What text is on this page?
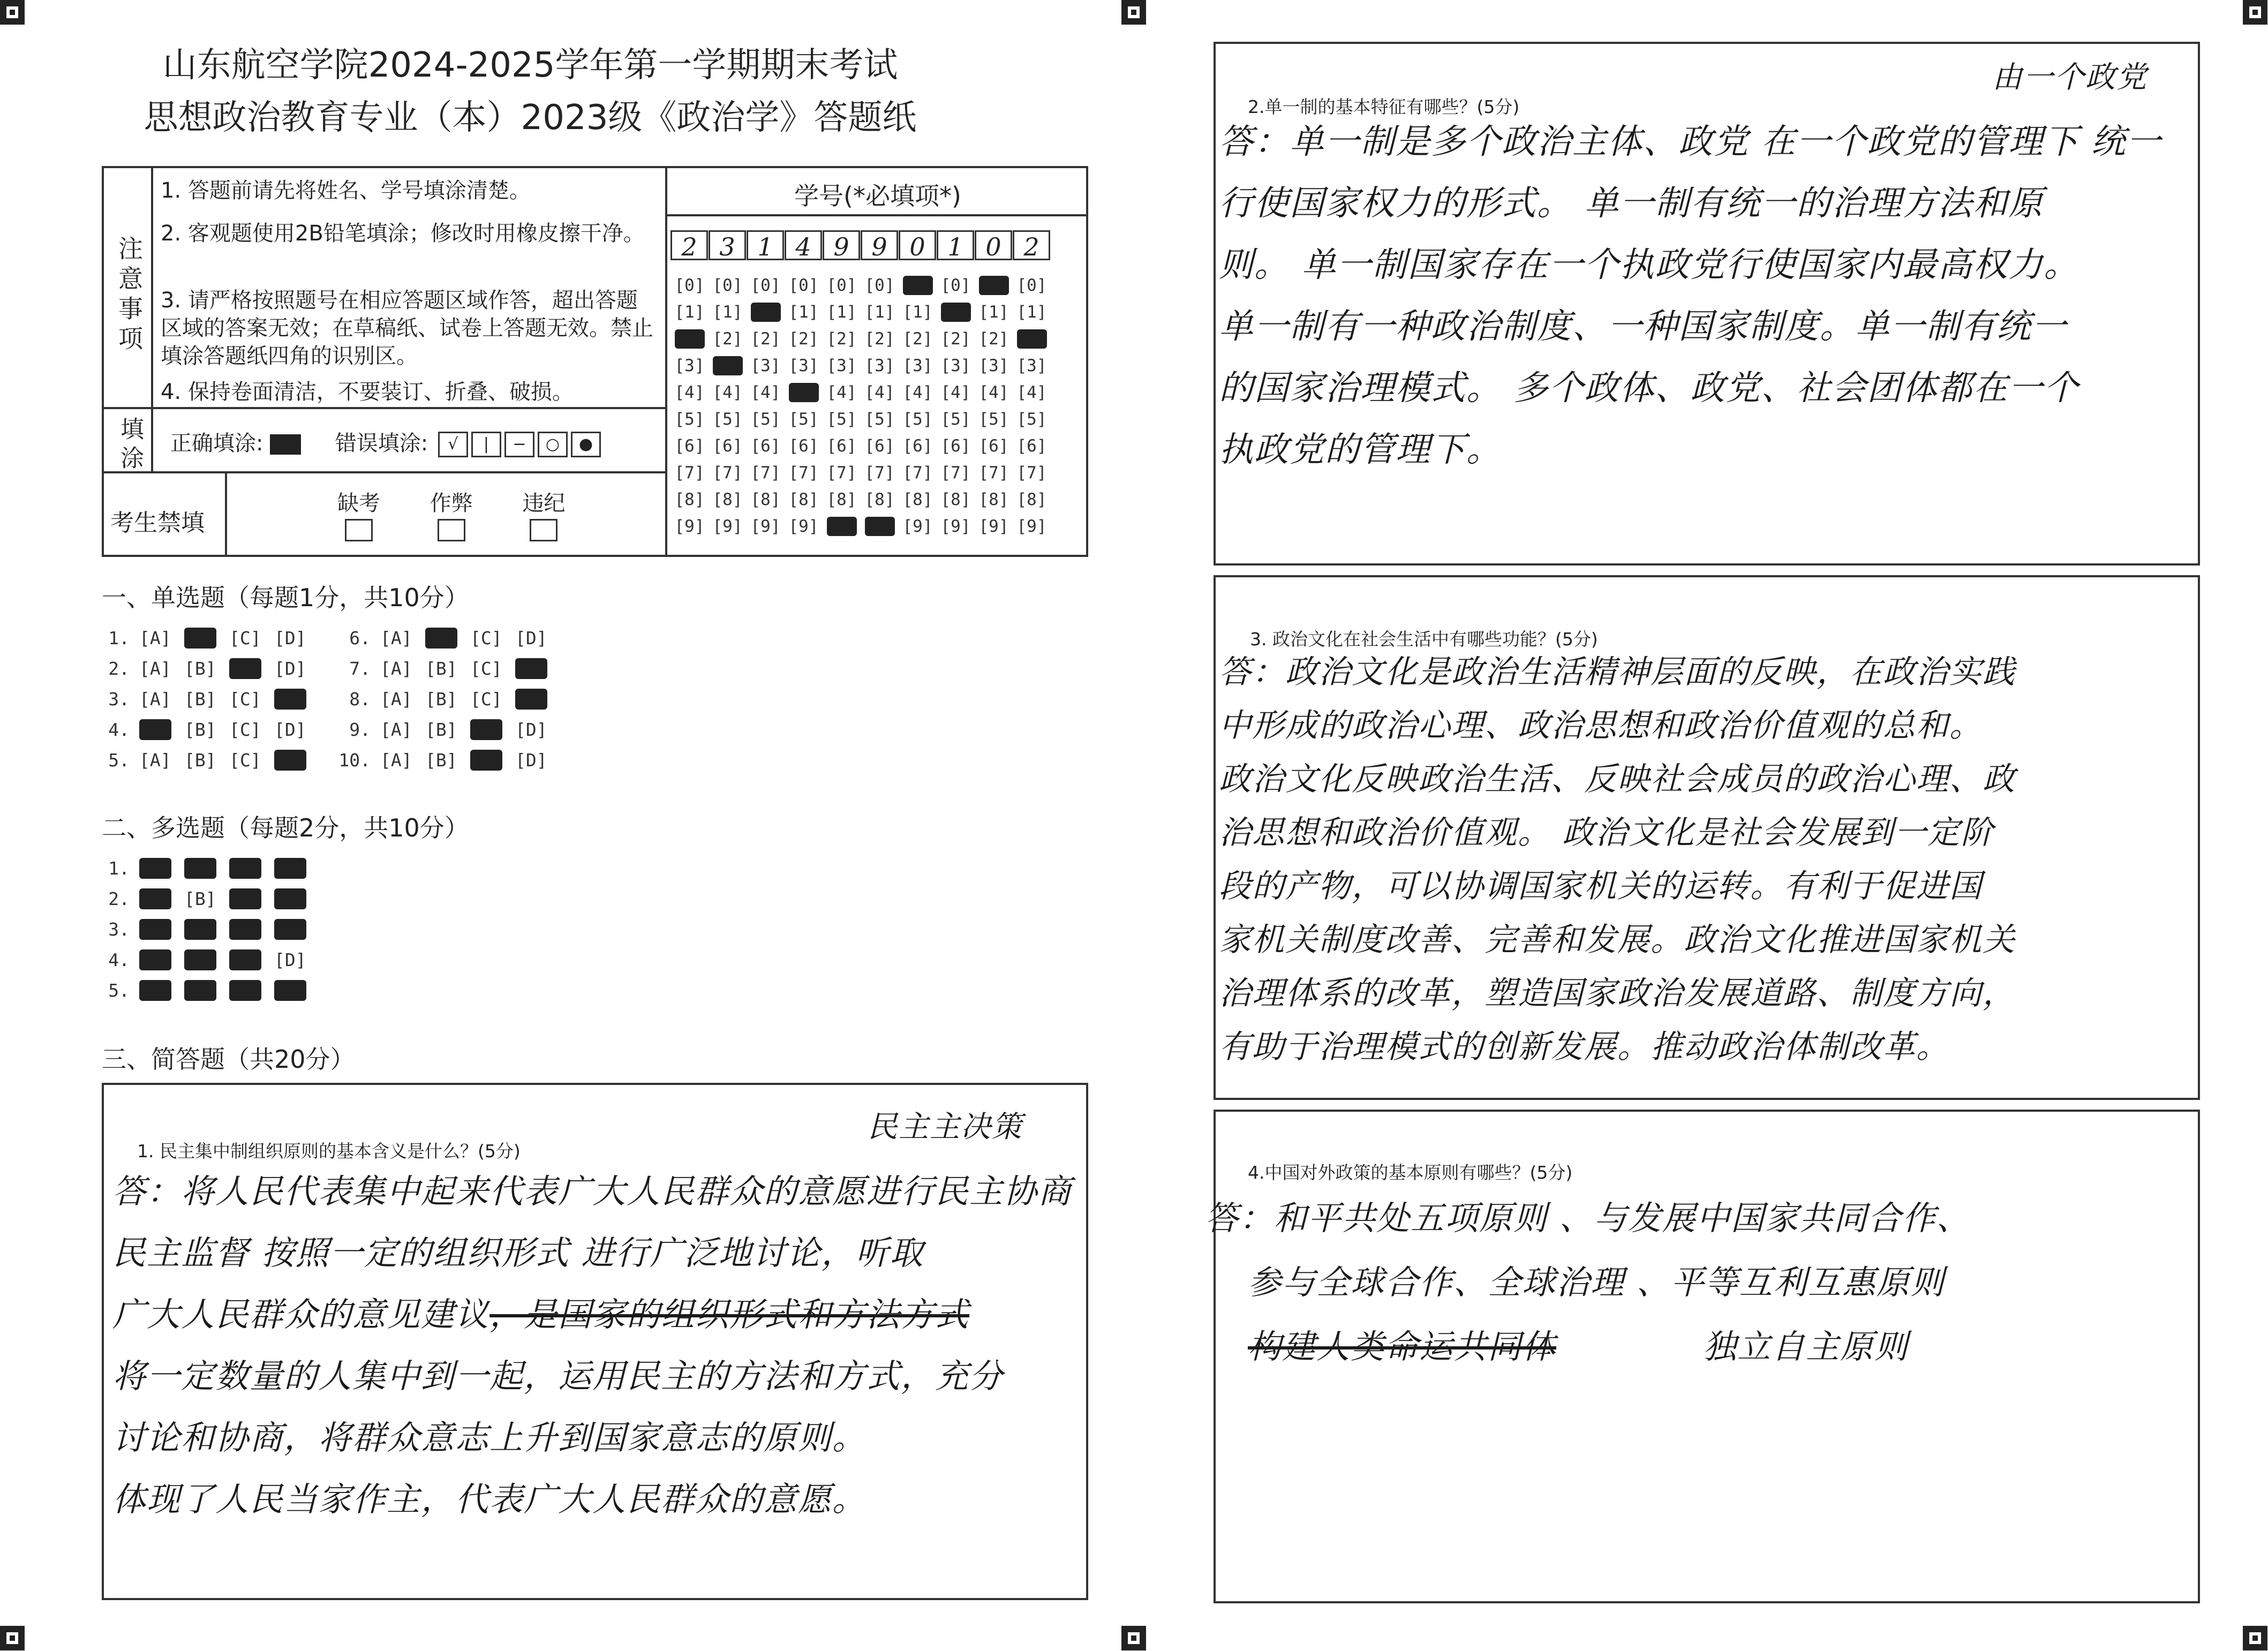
山东航空学院2024-2025学年第一学期期末考试
思想政治教育专业（本）2023级《政治学》答题纸
注意事项
1. 答题前请先将姓名、学号填涂清楚。
2. 客观题使用2B铅笔填涂；修改时用橡皮擦干净。
3. 请严格按照题号在相应答题区域作答，超出答题区域的答案无效；在草稿纸、试卷上答题无效。禁止填涂答题纸四角的识别区。
4. 保持卷面清洁，不要装订、折叠、破损。
填涂 正确填涂:	错误填涂: √ | − ○ ●
考生禁填
缺考 作弊 违纪

学号(*必填项*)
2 3 1 4 9 9 0 1 0 2
[0] [0] [0] [0] [0] [0] [0] [0] [0] [0]
[1] [1] [1] [1] [1] [1] [1] [1] [1] [1]
[2] [2] [2] [2] [2] [2] [2] [2] [2] [2]
[3] [3] [3] [3] [3] [3] [3] [3] [3] [3]
[4] [4] [4] [4] [4] [4] [4] [4] [4] [4]
[5] [5] [5] [5] [5] [5] [5] [5] [5] [5]
[6] [6] [6] [6] [6] [6] [6] [6] [6] [6]
[7] [7] [7] [7] [7] [7] [7] [7] [7] [7]
[8] [8] [8] [8] [8] [8] [8] [8] [8] [8]
[9] [9] [9] [9] [9] [9] [9] [9] [9] [9]
一、单选题（每题1分，共10分）
1. [A] [B] [C] [D]
2. [A] [B] [C] [D]
3. [A] [B] [C] [D]
4. [A] [B] [C] [D]
5. [A] [B] [C] [D]
6. [A] [B] [C] [D]
7. [A] [B] [C] [D]
8. [A] [B] [C] [D]
9. [A] [B] [C] [D]
10. [A] [B] [C] [D]
二、多选题（每题2分，共10分）
1. [A] [B] [C] [D]
2. [A] [B] [C] [D]
3. [A] [B] [C] [D]
4. [A] [B] [C] [D]
5. [A] [B] [C] [D]
三、简答题（共20分）
1. 民主集中制组织原则的基本含义是什么？(5分)
民主主决策
答：将人民代表集中起来代表广大人民群众的意愿进行民主协商
民主监督 按照一定的组织形式 进行广泛地讨论，听取
广大人民群众的意见建议，是国家的组织形式和方法方式
将一定数量的人集中到一起，运用民主的方法和方式，充分
讨论和协商，将群众意志上升到国家意志的原则。
体现了人民当家作主，代表广大人民群众的意愿。
2.单一制的基本特征有哪些？(5分)
由一个政党
答：单一制是多个政治主体、政党 在一个政党的管理下 统一
行使国家权力的形式。 单一制有统一的治理方法和原
则。 单一制国家存在一个执政党行使国家内最高权力。
单一制有一种政治制度、一种国家制度。单一制有统一
的国家治理模式。 多个政体、政党、社会团体都在一个
执政党的管理下。
3. 政治文化在社会生活中有哪些功能？(5分)
答：政治文化是政治生活精神层面的反映，在政治实践
中形成的政治心理、政治思想和政治价值观的总和。
政治文化反映政治生活、反映社会成员的政治心理、政
治思想和政治价值观。 政治文化是社会发展到一定阶
段的产物，可以协调国家机关的运转。有利于促进国
家机关制度改善、完善和发展。政治文化推进国家机关
治理体系的改革，塑造国家政治发展道路、制度方向，
有助于治理模式的创新发展。推动政治体制改革。
4.中国对外政策的基本原则有哪些？(5分)
答：和平共处五项原则 、与发展中国家共同合作、
参与全球合作、全球治理 、平等互利互惠原则
构建人类命运共同体	独立自主原则
